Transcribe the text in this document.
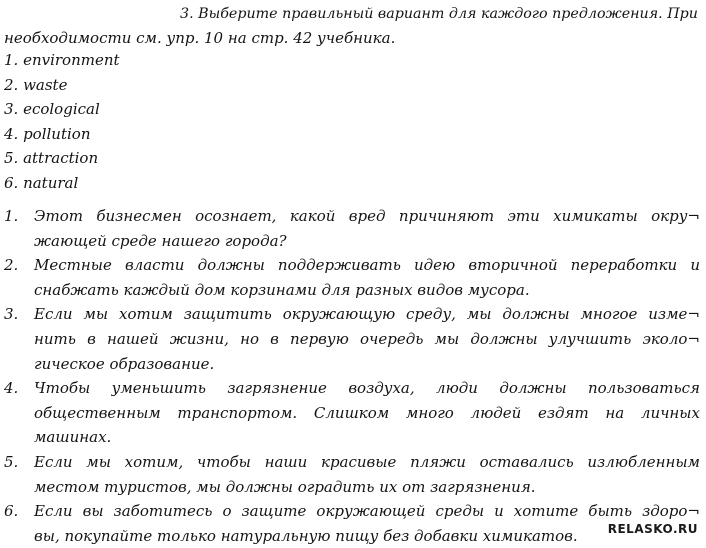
3. Выберите правильный вариант для каждого предложения. При
необходимости см. упр. 10 на стр. 42 учебника.
1. environment
2. waste
3. ecological
4. pollution
5. attraction
6. natural
1. Этот бизнесмен осознает, какой вред причиняют эти химикаты окру¬
жающей среде нашего города?
2. Местные власти должны поддерживать идею вторичной переработки и
снабжать каждый дом корзинами для разных видов мусора.
3. Если мы хотим защитить окружающую среду, мы должны многое изме¬
нить в нашей жизни, но в первую очередь мы должны улучшить эколо¬
гическое образование.
4. Чтобы уменьшить загрязнение воздуха, люди должны пользоваться
общественным транспортом. Слишком много людей ездят на личных
машинах.
5. Если мы хотим, чтобы наши красивые пляжи оставались излюбленным
местом туристов, мы должны оградить их от загрязнения.
6. Если вы заботитесь о защите окружающей среды и хотите быть здоро¬
вы, покупайте только натуральную пищу без добавки химикатов.	RELASKO.RU
